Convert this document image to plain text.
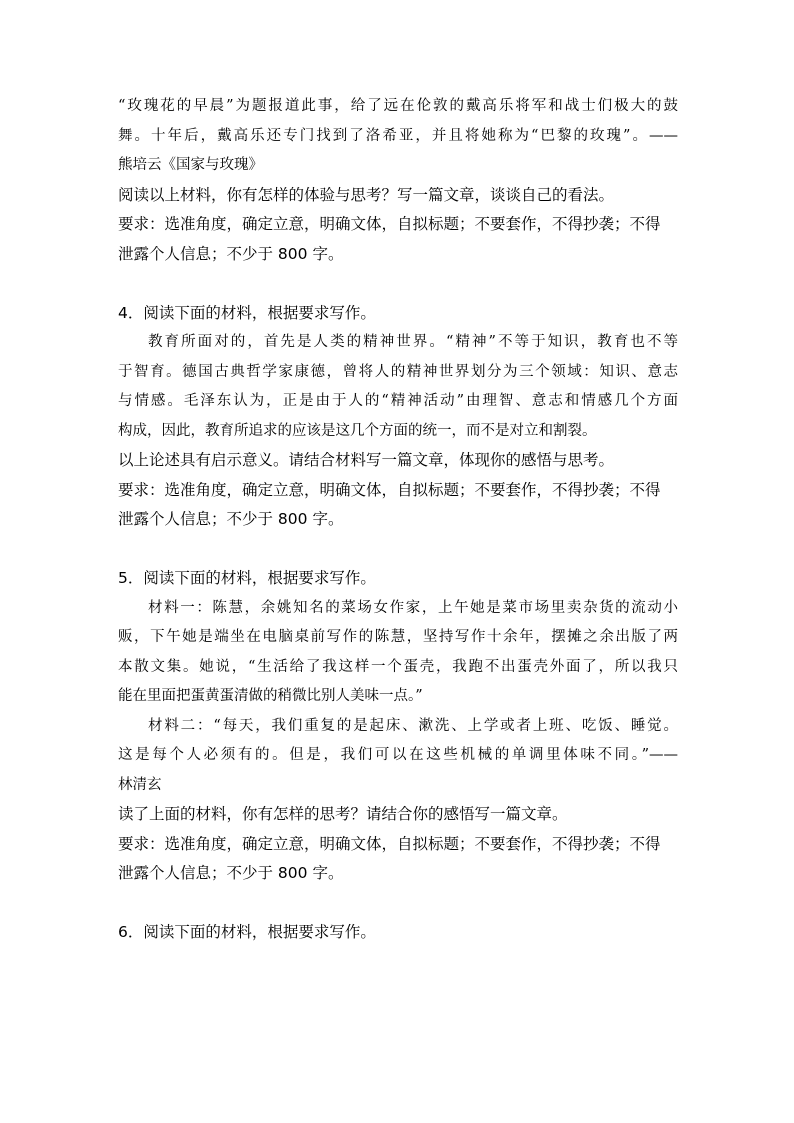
“玫瑰花的早晨”为题报道此事，给了远在伦敦的戴高乐将军和战士们极大的鼓
舞。十年后，戴高乐还专门找到了洛希亚，并且将她称为“巴黎的玫瑰”。——
熊培云《国家与玫瑰》
阅读以上材料，你有怎样的体验与思考？写一篇文章，谈谈自己的看法。
要求：选准角度，确定立意，明确文体，自拟标题；不要套作，不得抄袭；不得
泄露个人信息；不少于 800 字。
4．阅读下面的材料，根据要求写作。
教育所面对的，首先是人类的精神世界。“精神”不等于知识，教育也不等
于智育。德国古典哲学家康德，曾将人的精神世界划分为三个领域：知识、意志
与情感。毛泽东认为，正是由于人的“精神活动”由理智、意志和情感几个方面
构成，因此，教育所追求的应该是这几个方面的统一，而不是对立和割裂。
以上论述具有启示意义。请结合材料写一篇文章，体现你的感悟与思考。
要求：选准角度，确定立意，明确文体，自拟标题；不要套作，不得抄袭；不得
泄露个人信息；不少于 800 字。
5．阅读下面的材料，根据要求写作。
材料一：陈慧，余姚知名的菜场女作家，上午她是菜市场里卖杂货的流动小
贩，下午她是端坐在电脑桌前写作的陈慧，坚持写作十余年，摆摊之余出版了两
本散文集。她说，“生活给了我这样一个蛋壳，我跑不出蛋壳外面了，所以我只
能在里面把蛋黄蛋清做的稍微比别人美味一点。”
材料二：“每天，我们重复的是起床、漱洗、上学或者上班、吃饭、睡觉。
这是每个人必须有的。但是，我们可以在这些机械的单调里体味不同。”——
林清玄
读了上面的材料，你有怎样的思考？请结合你的感悟写一篇文章。
要求：选准角度，确定立意，明确文体，自拟标题；不要套作，不得抄袭；不得
泄露个人信息；不少于 800 字。
6．阅读下面的材料，根据要求写作。
